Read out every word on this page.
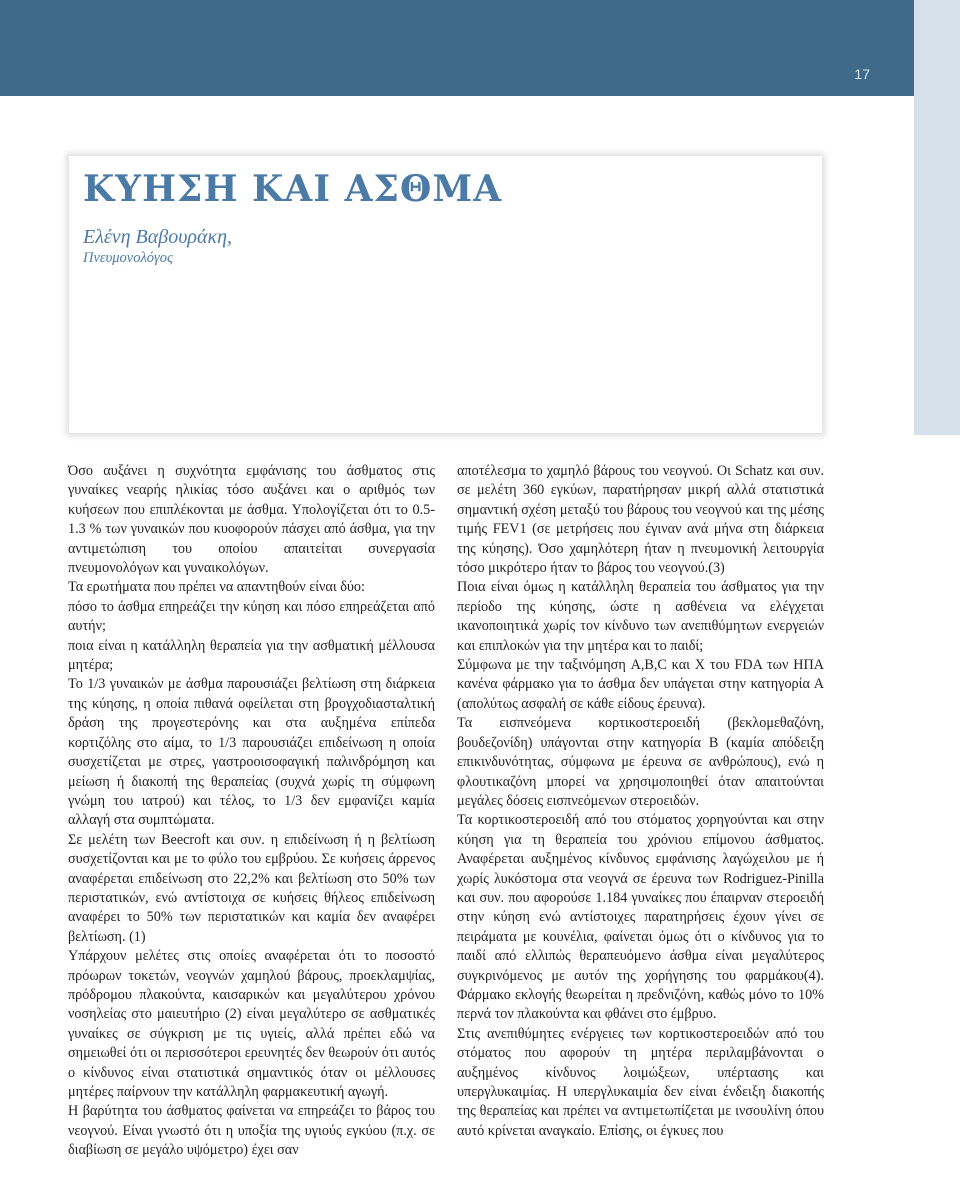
17
ΚΥΗΣΗ ΚΑΙ ΑΣΘΜΑ
Ελένη Βαβουράκη,
Πνευμονολόγος

Όσο αυξάνει η συχνότητα εμφάνισης του άσθματος στις γυναίκες νεαρής ηλικίας τόσο αυξάνει και ο αριθμός των κυήσεων που επιπλέκονται με άσθμα. Υπολογίζεται ότι το 0.5-1.3 % των γυναικών που κυοφορούν πάσχει από άσθμα, για την αντιμετώπιση του οποίου απαιτείται συνεργασία πνευμονολόγων και γυναικολόγων.

Τα ερωτήματα που πρέπει να απαντηθούν είναι δύο:

πόσο το άσθμα επηρεάζει την κύηση και πόσο επηρεάζεται από αυτήν;

ποια είναι η κατάλληλη θεραπεία για την ασθματική μέλλουσα μητέρα;

Το 1/3 γυναικών με άσθμα παρουσιάζει βελτίωση στη διάρκεια της κύησης, η οποία πιθανά οφείλεται στη βρογχοδιασταλτική δράση της προγεστερόνης και στα αυξημένα επίπεδα κορτιζόλης στο αίμα, το 1/3 παρουσιάζει επιδείνωση η οποία συσχετίζεται με στρες, γαστροοισοφαγική παλινδρόμηση και μείωση ή διακοπή της θεραπείας (συχνά χωρίς τη σύμφωνη γνώμη του ιατρού) και τέλος, το 1/3 δεν εμφανίζει καμία αλλαγή στα συμπτώματα.

Σε μελέτη των Beecroft και συν. η επιδείνωση ή η βελτίωση συσχετίζονται και με το φύλο του εμβρύου. Σε κυήσεις άρρενος αναφέρεται επιδείνωση στο 22,2% και βελτίωση στο 50% των περιστατικών, ενώ αντίστοιχα σε κυήσεις θήλεος επιδείνωση αναφέρει το 50% των περιστατικών και καμία δεν αναφέρει βελτίωση. (1)

Υπάρχουν μελέτες στις οποίες αναφέρεται ότι το ποσοστό πρόωρων τοκετών, νεογνών χαμηλού βάρους, προεκλαμψίας, πρόδρομου πλακούντα, καισαρικών και μεγαλύτερου χρόνου νοσηλείας στο μαιευτήριο (2) είναι μεγαλύτερο σε ασθματικές γυναίκες σε σύγκριση με τις υγιείς, αλλά πρέπει εδώ να σημειωθεί ότι οι περισσότεροι ερευνητές δεν θεωρούν ότι αυτός ο κίνδυνος είναι στατιστικά σημαντικός όταν οι μέλλουσες μητέρες παίρνουν την κατάλληλη φαρμακευτική αγωγή.

Η βαρύτητα του άσθματος φαίνεται να επηρεάζει το βάρος του νεογνού. Είναι γνωστό ότι η υποξία της υγιούς εγκύου (π.χ. σε διαβίωση σε μεγάλο υψόμετρο) έχει σαν

αποτέλεσμα το χαμηλό βάρους του νεογνού. Οι Schatz και συν. σε μελέτη 360 εγκύων, παρατήρησαν μικρή αλλά στατιστικά σημαντική σχέση μεταξύ του βάρους του νεογνού και της μέσης τιμής FEV1 (σε μετρήσεις που έγιναν ανά μήνα στη διάρκεια της κύησης). Όσο χαμηλότερη ήταν η πνευμονική λειτουργία τόσο μικρότερο ήταν το βάρος του νεογνού.(3)

Ποια είναι όμως η κατάλληλη θεραπεία του άσθματος για την περίοδο της κύησης, ώστε η ασθένεια να ελέγχεται ικανοποιητικά χωρίς τον κίνδυνο των ανεπιθύμητων ενεργειών και επιπλοκών για την μητέρα και το παιδί;

Σύμφωνα με την ταξινόμηση A,B,C και X του FDA των ΗΠΑ κανένα φάρμακο για το άσθμα δεν υπάγεται στην κατηγορία Α (απολύτως ασφαλή σε κάθε είδους έρευνα).

Τα εισπνεόμενα κορτικοστεροειδή (βεκλομεθαζόνη, βουδεζονίδη) υπάγονται στην κατηγορία Β (καμία απόδειξη επικινδυνότητας, σύμφωνα με έρευνα σε ανθρώπους), ενώ η φλουτικαζόνη μπορεί να χρησιμοποιηθεί όταν απαιτούνται μεγάλες δόσεις εισπνεόμενων στεροειδών.

Τα κορτικοστεροειδή από του στόματος χορηγούνται και στην κύηση για τη θεραπεία του χρόνιου επίμονου άσθματος. Αναφέρεται αυξημένος κίνδυνος εμφάνισης λαγώχειλου με ή χωρίς λυκόστομα στα νεογνά σε έρευνα των Rodriguez-Pinilla και συν. που αφορούσε 1.184 γυναίκες που έπαιρναν στεροειδή στην κύηση ενώ αντίστοιχες παρατηρήσεις έχουν γίνει σε πειράματα με κουνέλια, φαίνεται όμως ότι ο κίνδυνος για το παιδί από ελλιπώς θεραπευόμενο άσθμα είναι μεγαλύτερος συγκρινόμενος με αυτόν της χορήγησης του φαρμάκου(4). Φάρμακο εκλογής θεωρείται η πρεδνιζόνη, καθώς μόνο το 10% περνά τον πλακούντα και φθάνει στο έμβρυο.

Στις ανεπιθύμητες ενέργειες των κορτικοστεροειδών από του στόματος που αφορούν τη μητέρα περιλαμβάνονται ο αυξημένος κίνδυνος λοιμώξεων, υπέρτασης και υπεργλυκαιμίας. Η υπεργλυκαιμία δεν είναι ένδειξη διακοπής της θεραπείας και πρέπει να αντιμετωπίζεται με ινσουλίνη όπου αυτό κρίνεται αναγκαίο. Επίσης, οι έγκυες που
